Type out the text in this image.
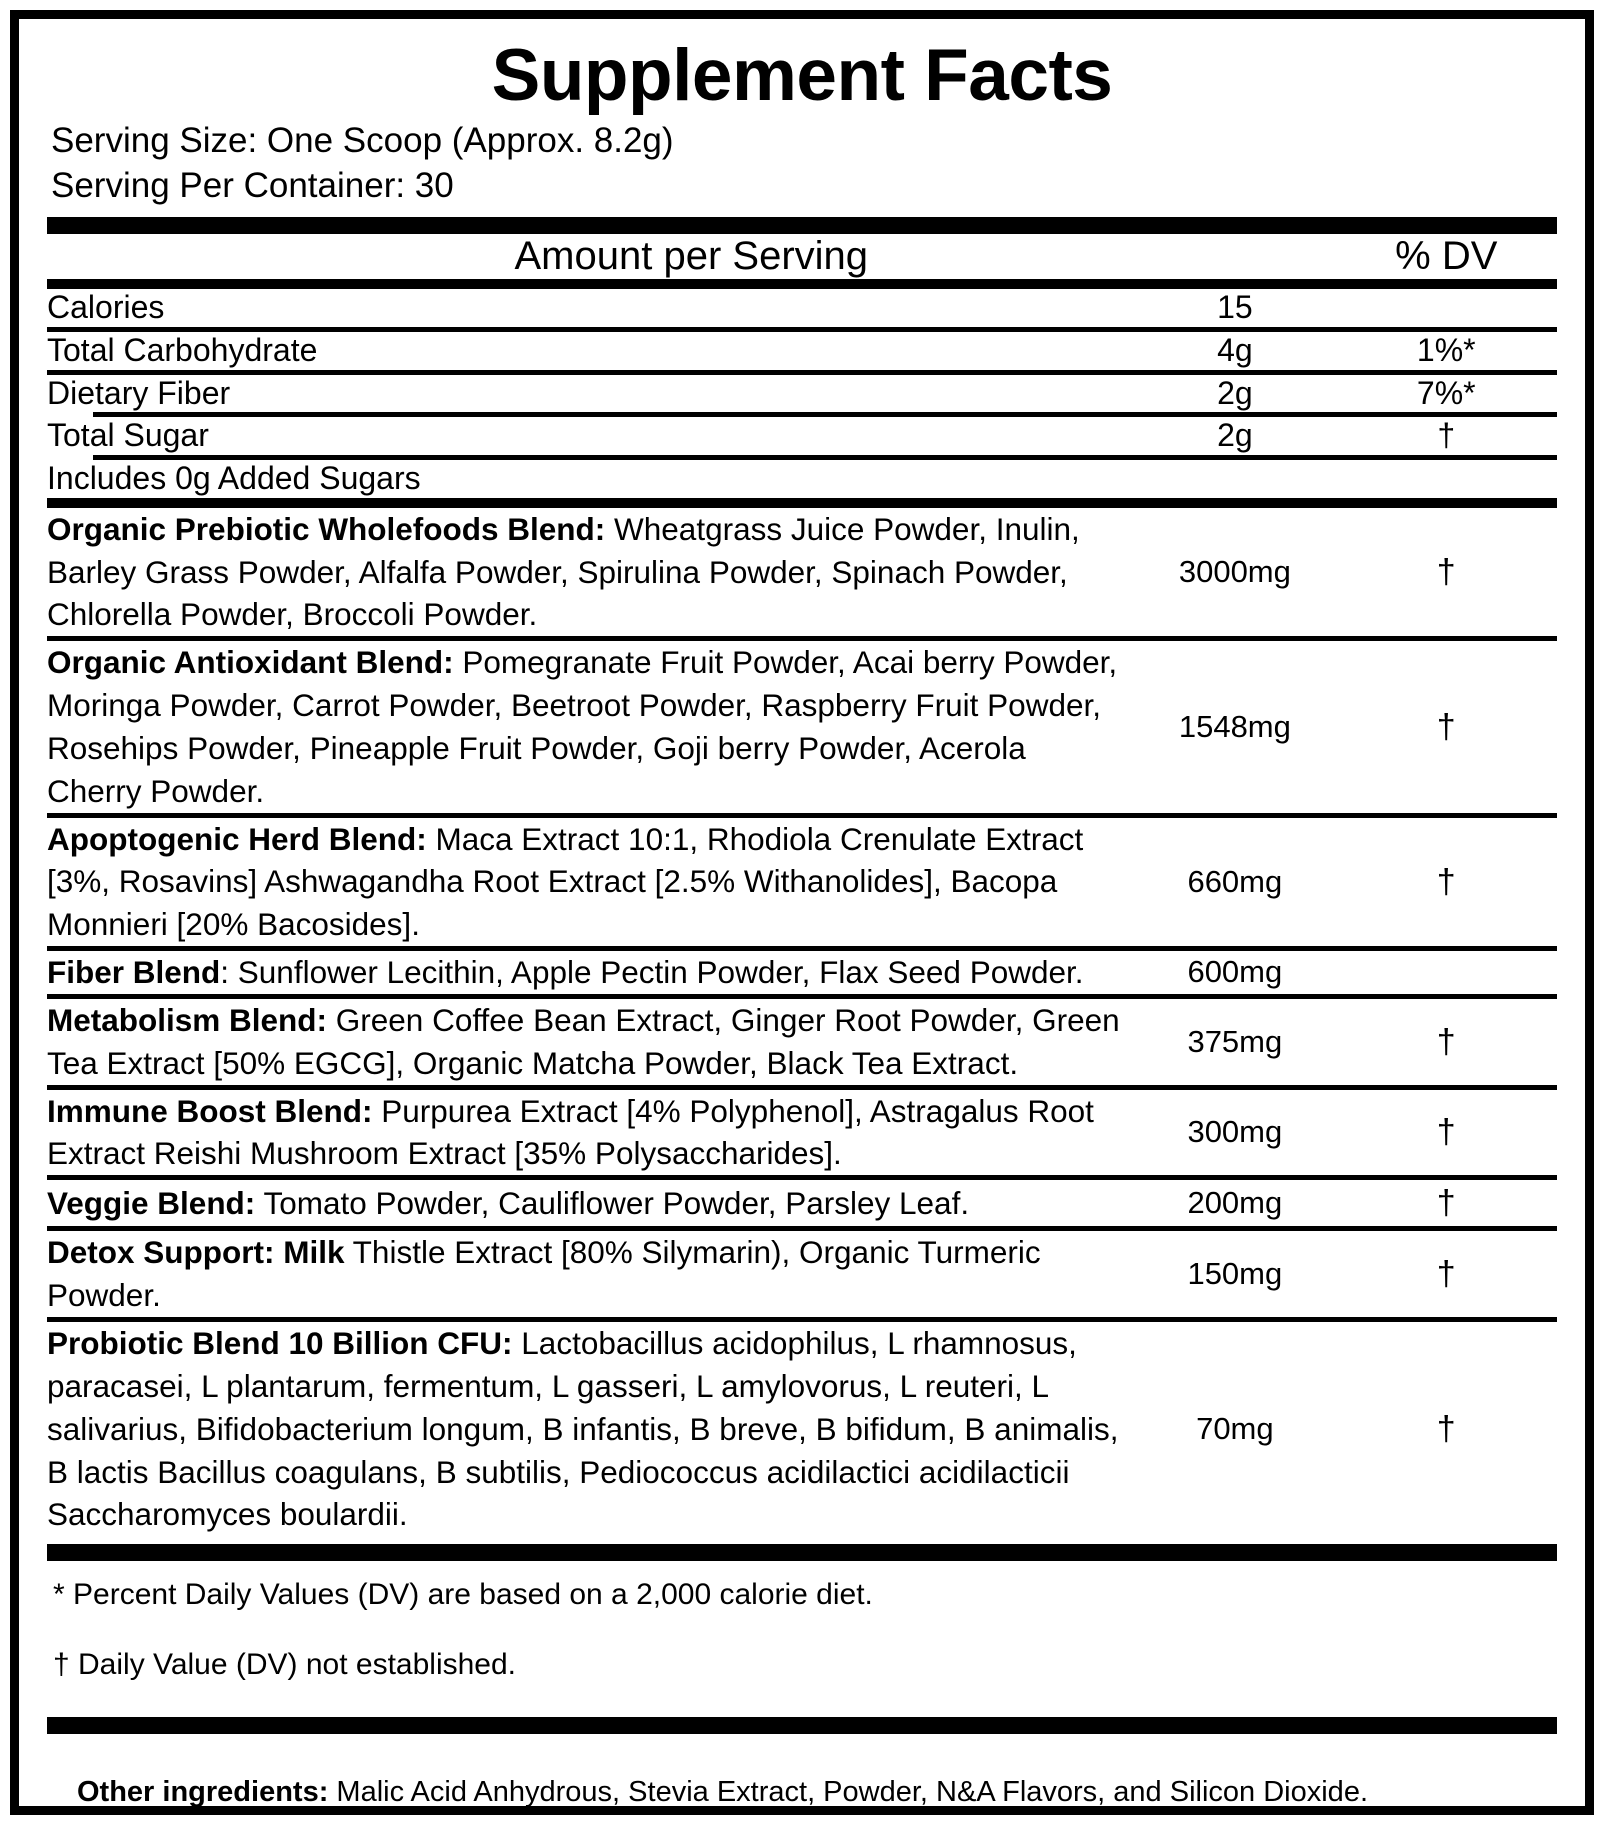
Supplement Facts
Serving Size: One Scoop (Approx. 8.2g)
Serving Per Container: 30
Amount per Serving		% DV

Calories	15	

Total Carbohydrate	4g	1%*

Dietary Fiber	2g	7%*

Total Sugar	2g	†

Includes 0g Added Sugars		

Organic Prebiotic Wholefoods Blend: Wheatgrass Juice Powder, Inulin, Barley Grass Powder, Alfalfa Powder, Spirulina Powder, Spinach Powder, Chlorella Powder, Broccoli Powder.	3000mg	†

Organic Antioxidant Blend: Pomegranate Fruit Powder, Acai berry Powder, Moringa Powder, Carrot Powder, Beetroot Powder, Raspberry Fruit Powder, Rosehips Powder, Pineapple Fruit Powder, Goji berry Powder, Acerola Cherry Powder.	1548mg	†

Apoptogenic Herd Blend: Maca Extract 10:1, Rhodiola Crenulate Extract [3%, Rosavins] Ashwagandha Root Extract [2.5% Withanolides], Bacopa Monnieri [20% Bacosides].	660mg	†

Fiber Blend: Sunflower Lecithin, Apple Pectin Powder, Flax Seed Powder.	600mg	

Metabolism Blend: Green Coffee Bean Extract, Ginger Root Powder, Green Tea Extract [50% EGCG], Organic Matcha Powder, Black Tea Extract.	375mg	†

Immune Boost Blend: Purpurea Extract [4% Polyphenol], Astragalus Root Extract Reishi Mushroom Extract [35% Polysaccharides].	300mg	†

Veggie Blend: Tomato Powder, Cauliflower Powder, Parsley Leaf.	200mg	†

Detox Support: Milk Thistle Extract [80% Silymarin), Organic Turmeric Powder.	150mg	†

Probiotic Blend 10 Billion CFU: Lactobacillus acidophilus, L rhamnosus, paracasei, L plantarum, fermentum, L gasseri, L amylovorus, L reuteri, L salivarius, Bifidobacterium longum, B infantis, B breve, B bifidum, B animalis, B lactis Bacillus coagulans, B subtilis, Pediococcus acidilactici acidilacticii Saccharomyces boulardii.	70mg	†
* Percent Daily Values (DV) are based on a 2,000 calorie diet.
† Daily Value (DV) not established.
Other ingredients: Malic Acid Anhydrous, Stevia Extract, Powder, N&A Flavors, and Silicon Dioxide.
